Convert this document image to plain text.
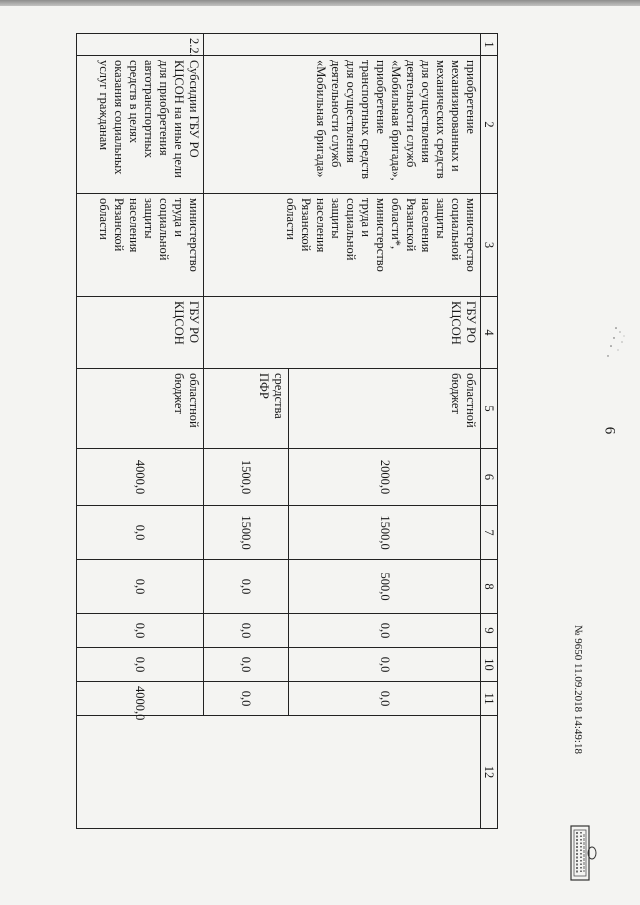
6
1	2	3	4	5	6	7	8	9	10	11	12
	приобретение механизированных и механических средств для осуществления деятельности служб «Мобильная бригада», приобретение транспортных средств для осуществления деятельности служб «Мобильная бригада»	министерство социальной защиты населения Рязанской области*, министерство труда и социальной защиты населения Рязанской области	ГБУ РО КЦСОН	областной бюджет	2000,0	1500,0	500,0	0,0	0,0	0,0	
				средства ПФР	1500,0	1500,0	0,0	0,0	0,0	0,0	
2.2.	Субсидии ГБУ РО КЦСОН на иные цели для приобретения автотранспортных средств в целях оказания социальных услуг гражданам	министерство труда и социальной защиты населения Рязанской области	ГБУ РО КЦСОН	областной бюджет	4000,0	0,0	0,0	0,0	0,0	4000,0		№ 9650 11.09.2018 14:49:18
